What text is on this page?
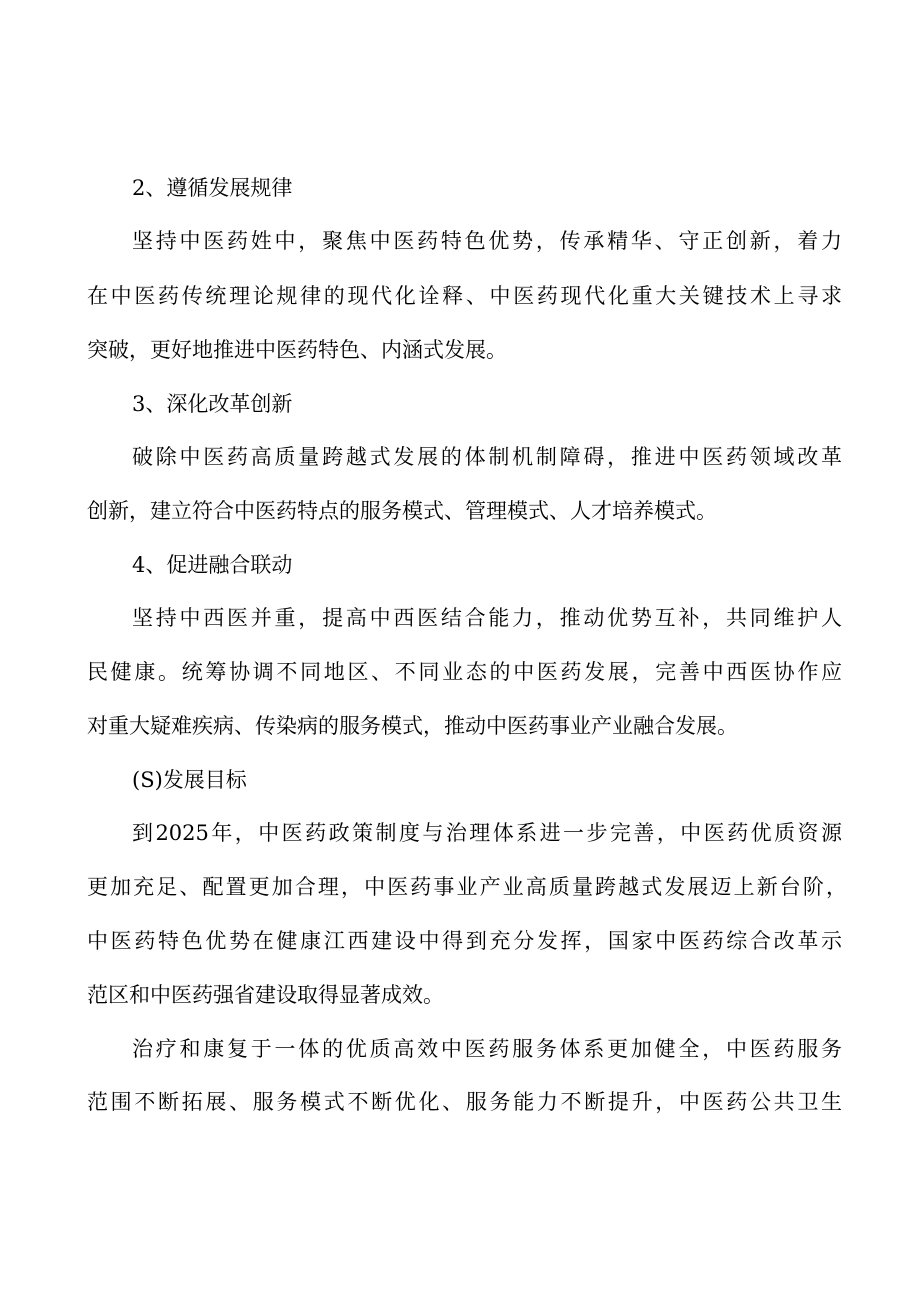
2、遵循发展规律
坚持中医药姓中，聚焦中医药特色优势，传承精华、守正创新，着力
在中医药传统理论规律的现代化诠释、中医药现代化重大关键技术上寻求
突破，更好地推进中医药特色、内涵式发展。
3、深化改革创新
破除中医药高质量跨越式发展的体制机制障碍，推进中医药领域改革
创新，建立符合中医药特点的服务模式、管理模式、人才培养模式。
4、促进融合联动
坚持中西医并重，提高中西医结合能力，推动优势互补，共同维护人
民健康。统筹协调不同地区、不同业态的中医药发展，完善中西医协作应
对重大疑难疾病、传染病的服务模式，推动中医药事业产业融合发展。
(S)发展目标
到2025年，中医药政策制度与治理体系进一步完善，中医药优质资源
更加充足、配置更加合理，中医药事业产业高质量跨越式发展迈上新台阶，
中医药特色优势在健康江西建设中得到充分发挥，国家中医药综合改革示
范区和中医药强省建设取得显著成效。
治疗和康复于一体的优质高效中医药服务体系更加健全，中医药服务
范围不断拓展、服务模式不断优化、服务能力不断提升，中医药公共卫生
